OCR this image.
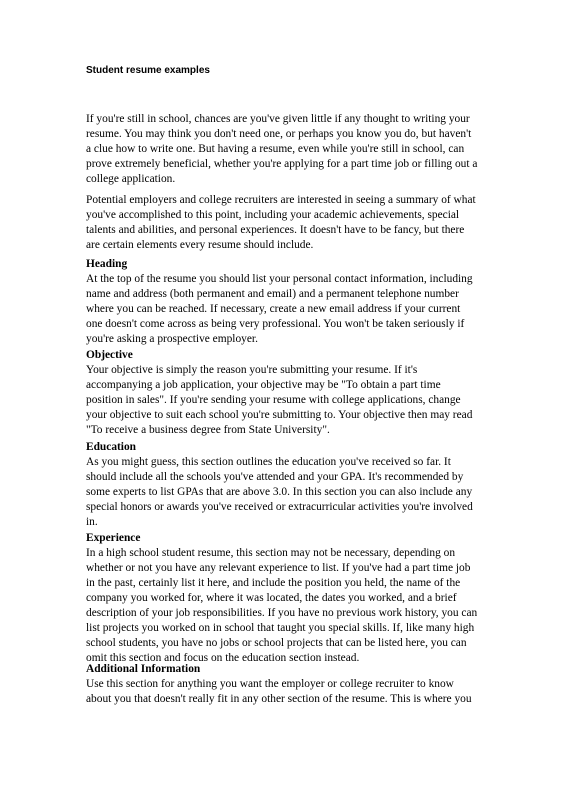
Student resume examples
If you're still in school, chances are you've given little if any thought to writing your
resume. You may think you don't need one, or perhaps you know you do, but haven't
a clue how to write one. But having a resume, even while you're still in school, can
prove extremely beneficial, whether you're applying for a part time job or filling out a
college application.
Potential employers and college recruiters are interested in seeing a summary of what
you've accomplished to this point, including your academic achievements, special
talents and abilities, and personal experiences. It doesn't have to be fancy, but there
are certain elements every resume should include.
Heading
At the top of the resume you should list your personal contact information, including
name and address (both permanent and email) and a permanent telephone number
where you can be reached. If necessary, create a new email address if your current
one doesn't come across as being very professional. You won't be taken seriously if
you're asking a prospective employer.
Objective
Your objective is simply the reason you're submitting your resume. If it's
accompanying a job application, your objective may be "To obtain a part time
position in sales". If you're sending your resume with college applications, change
your objective to suit each school you're submitting to. Your objective then may read
"To receive a business degree from State University".
Education
As you might guess, this section outlines the education you've received so far. It
should include all the schools you've attended and your GPA. It's recommended by
some experts to list GPAs that are above 3.0. In this section you can also include any
special honors or awards you've received or extracurricular activities you're involved
in.
Experience
In a high school student resume, this section may not be necessary, depending on
whether or not you have any relevant experience to list. If you've had a part time job
in the past, certainly list it here, and include the position you held, the name of the
company you worked for, where it was located, the dates you worked, and a brief
description of your job responsibilities. If you have no previous work history, you can
list projects you worked on in school that taught you special skills. If, like many high
school students, you have no jobs or school projects that can be listed here, you can
omit this section and focus on the education section instead.
Additional Information
Use this section for anything you want the employer or college recruiter to know
about you that doesn't really fit in any other section of the resume. This is where you
